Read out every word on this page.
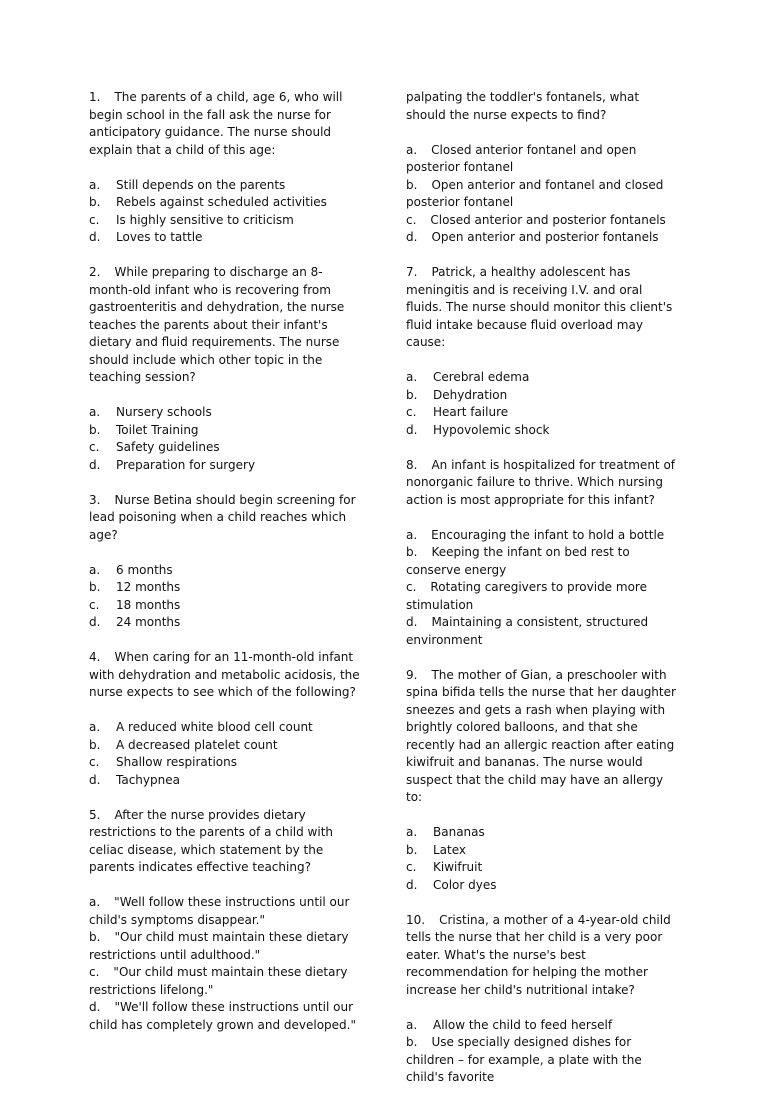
1. The parents of a child, age 6, who will begin school in the fall ask the nurse for anticipatory guidance. The nurse should explain that a child of this age:

a. Still depends on the parents
b. Rebels against scheduled activities
c. Is highly sensitive to criticism
d. Loves to tattle

2. While preparing to discharge an 8-month-old infant who is recovering from gastroenteritis and dehydration, the nurse teaches the parents about their infant's dietary and fluid requirements. The nurse should include which other topic in the teaching session?

a. Nursery schools
b. Toilet Training
c. Safety guidelines
d. Preparation for surgery

3. Nurse Betina should begin screening for lead poisoning when a child reaches which age?

a. 6 months
b. 12 months
c. 18 months
d. 24 months

4. When caring for an 11-month-old infant with dehydration and metabolic acidosis, the nurse expects to see which of the following?

a. A reduced white blood cell count
b. A decreased platelet count
c. Shallow respirations
d. Tachypnea

5. After the nurse provides dietary restrictions to the parents of a child with celiac disease, which statement by the parents indicates effective teaching?

a. "Well follow these instructions until our child's symptoms disappear."
b. "Our child must maintain these dietary restrictions until adulthood."
c. "Our child must maintain these dietary restrictions lifelong."
d. "We'll follow these instructions until our child has completely grown and developed."

palpating the toddler's fontanels, what should the nurse expects to find?

a. Closed anterior fontanel and open posterior fontanel
b. Open anterior and fontanel and closed posterior fontanel
c. Closed anterior and posterior fontanels
d. Open anterior and posterior fontanels

7. Patrick, a healthy adolescent has meningitis and is receiving I.V. and oral fluids. The nurse should monitor this client's fluid intake because fluid overload may cause:

a. Cerebral edema
b. Dehydration
c. Heart failure
d. Hypovolemic shock

8. An infant is hospitalized for treatment of nonorganic failure to thrive. Which nursing action is most appropriate for this infant?

a. Encouraging the infant to hold a bottle
b. Keeping the infant on bed rest to conserve energy
c. Rotating caregivers to provide more stimulation
d. Maintaining a consistent, structured environment

9. The mother of Gian, a preschooler with spina bifida tells the nurse that her daughter sneezes and gets a rash when playing with brightly colored balloons, and that she recently had an allergic reaction after eating kiwifruit and bananas. The nurse would suspect that the child may have an allergy to:

a. Bananas
b. Latex
c. Kiwifruit
d. Color dyes

10. Cristina, a mother of a 4-year-old child tells the nurse that her child is a very poor eater. What's the nurse's best recommendation for helping the mother increase her child's nutritional intake?

a. Allow the child to feed herself
b. Use specially designed dishes for children – for example, a plate with the child's favorite
